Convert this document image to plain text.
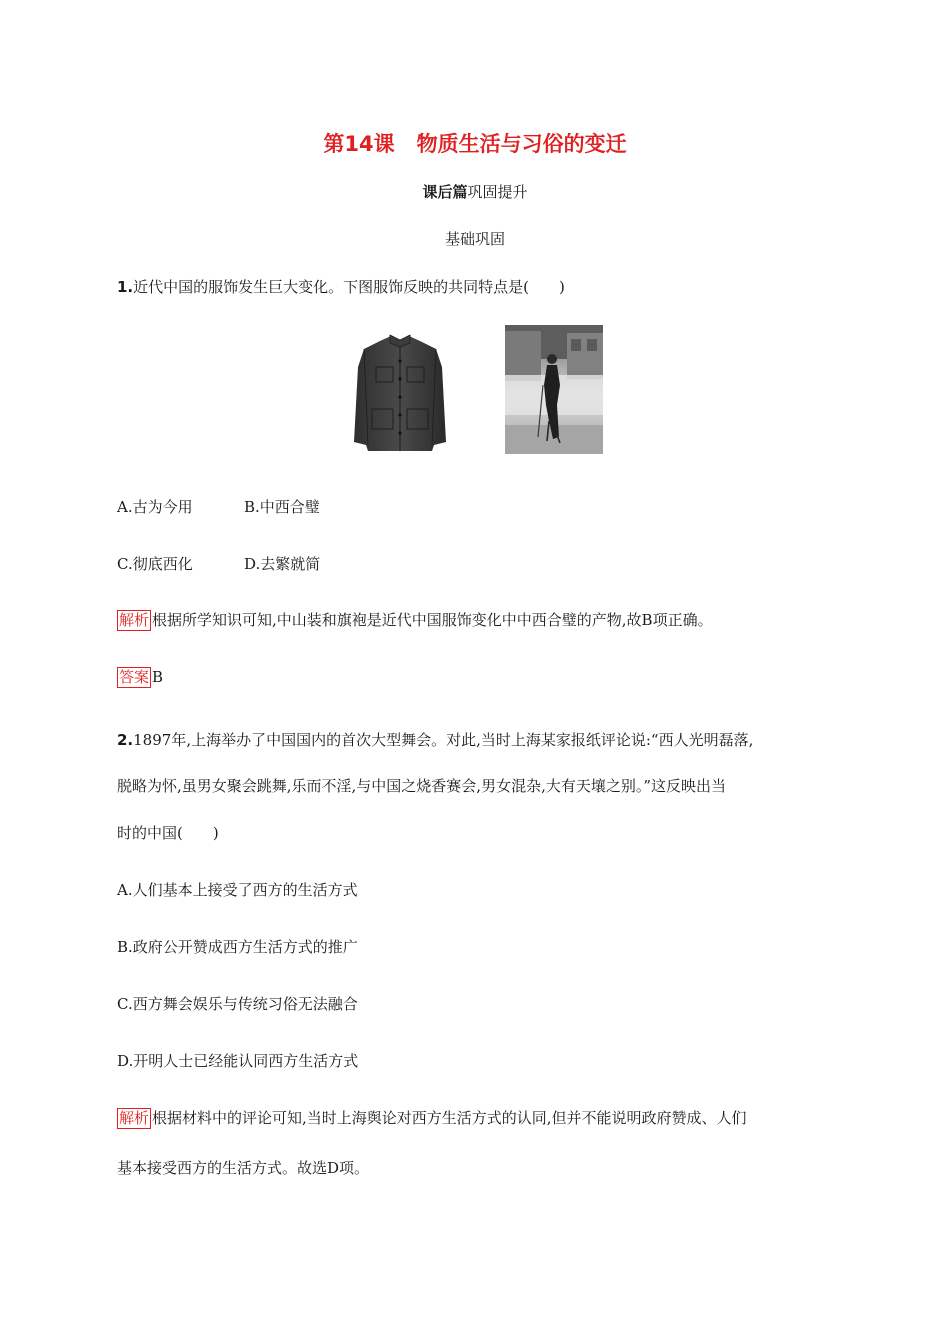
第14课 物质生活与习俗的变迁
课后篇巩固提升
基础巩固
1.近代中国的服饰发生巨大变化。下图服饰反映的共同特点是(　　)
A.古为今用	B.中西合璧
C.彻底西化	D.去繁就简
解析 根据所学知识可知,中山装和旗袍是近代中国服饰变化中中西合璧的产物,故B项正确。
答案 B
2.1897年,上海举办了中国国内的首次大型舞会。对此,当时上海某家报纸评论说:“西人光明磊落,
脱略为怀,虽男女聚会跳舞,乐而不淫,与中国之烧香赛会,男女混杂,大有天壤之别。”这反映出当
时的中国(　　)
A.人们基本上接受了西方的生活方式
B.政府公开赞成西方生活方式的推广
C.西方舞会娱乐与传统习俗无法融合
D.开明人士已经能认同西方生活方式
解析 根据材料中的评论可知,当时上海舆论对西方生活方式的认同,但并不能说明政府赞成、人们
基本接受西方的生活方式。故选D项。
